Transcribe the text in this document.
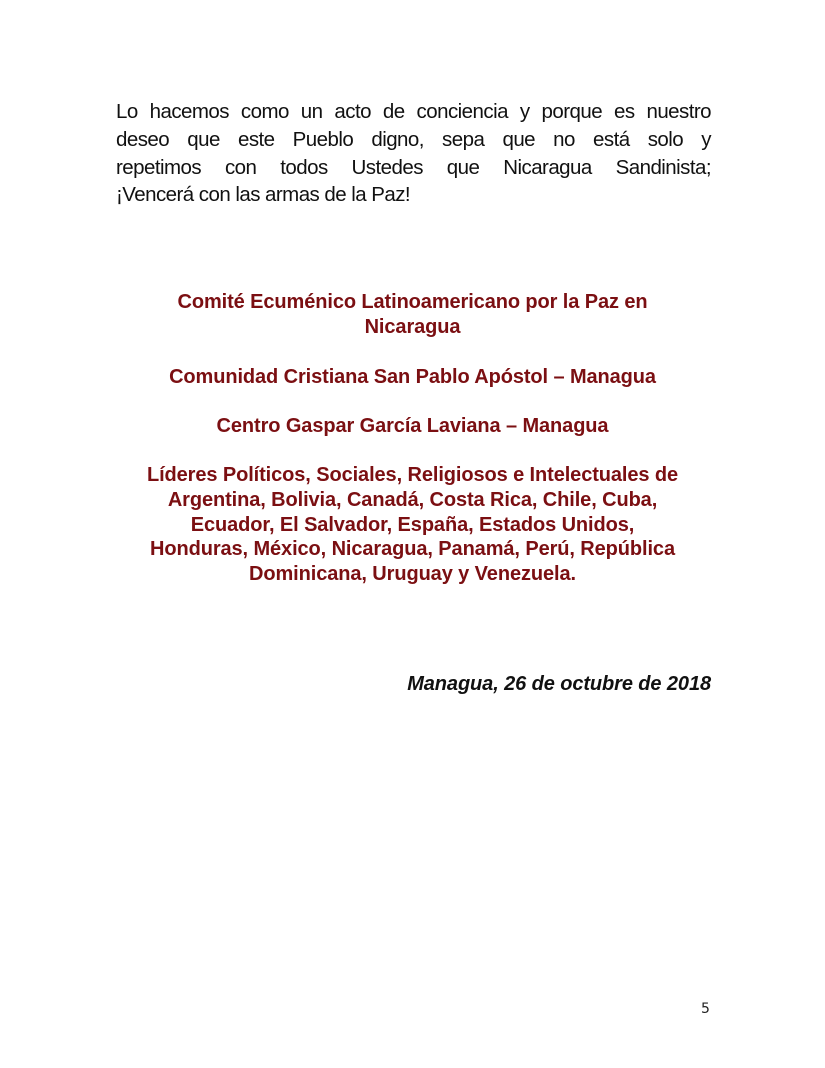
Lo hacemos como un acto de conciencia y porque es nuestro
deseo que este Pueblo digno, sepa que no está solo y
repetimos con todos Ustedes que Nicaragua Sandinista;
¡Vencerá con las armas de la Paz!
Comité Ecuménico Latinoamericano por la Paz en
Nicaragua
Comunidad Cristiana San Pablo Apóstol – Managua
Centro Gaspar García Laviana – Managua
Líderes Políticos, Sociales, Religiosos e Intelectuales de
Argentina, Bolivia, Canadá, Costa Rica, Chile, Cuba,
Ecuador, El Salvador, España, Estados Unidos,
Honduras, México, Nicaragua, Panamá, Perú, República
Dominicana, Uruguay y Venezuela.
Managua, 26 de octubre de 2018
5
